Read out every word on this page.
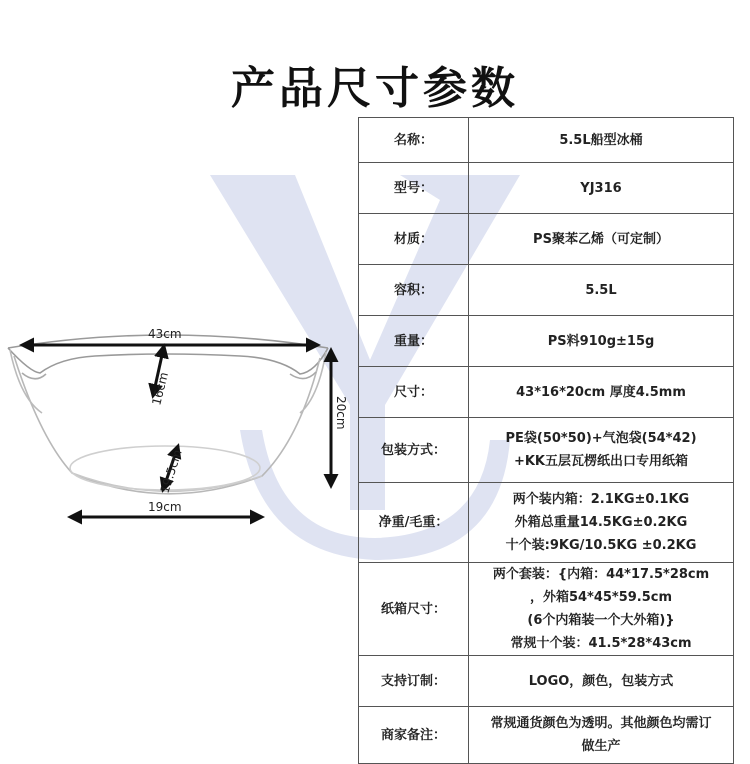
产品尺寸参数
43cm
16cm
20cm
19.5cm
19cm
名称：	5.5L船型冰桶

型号：	YJ316

材质：	PS聚苯乙烯（可定制）

容积：	5.5L

重量：	PS料910g±15g

尺寸：	43*16*20cm 厚度4.5mm

包装方式：	PE袋(50*50)+气泡袋(54*42)
+KK五层瓦楞纸出口专用纸箱

净重/毛重：	两个装内箱：2.1KG±0.1KG
外箱总重量14.5KG±0.2KG
十个装:9KG/10.5KG ±0.2KG

纸箱尺寸：	两个套装：{内箱：44*17.5*28cm
，外箱54*45*59.5cm
(6个内箱装一个大外箱)}
常规十个装：41.5*28*43cm

支持订制：	LOGO，颜色，包装方式

商家备注：	常规通货颜色为透明。其他颜色均需订
做生产
